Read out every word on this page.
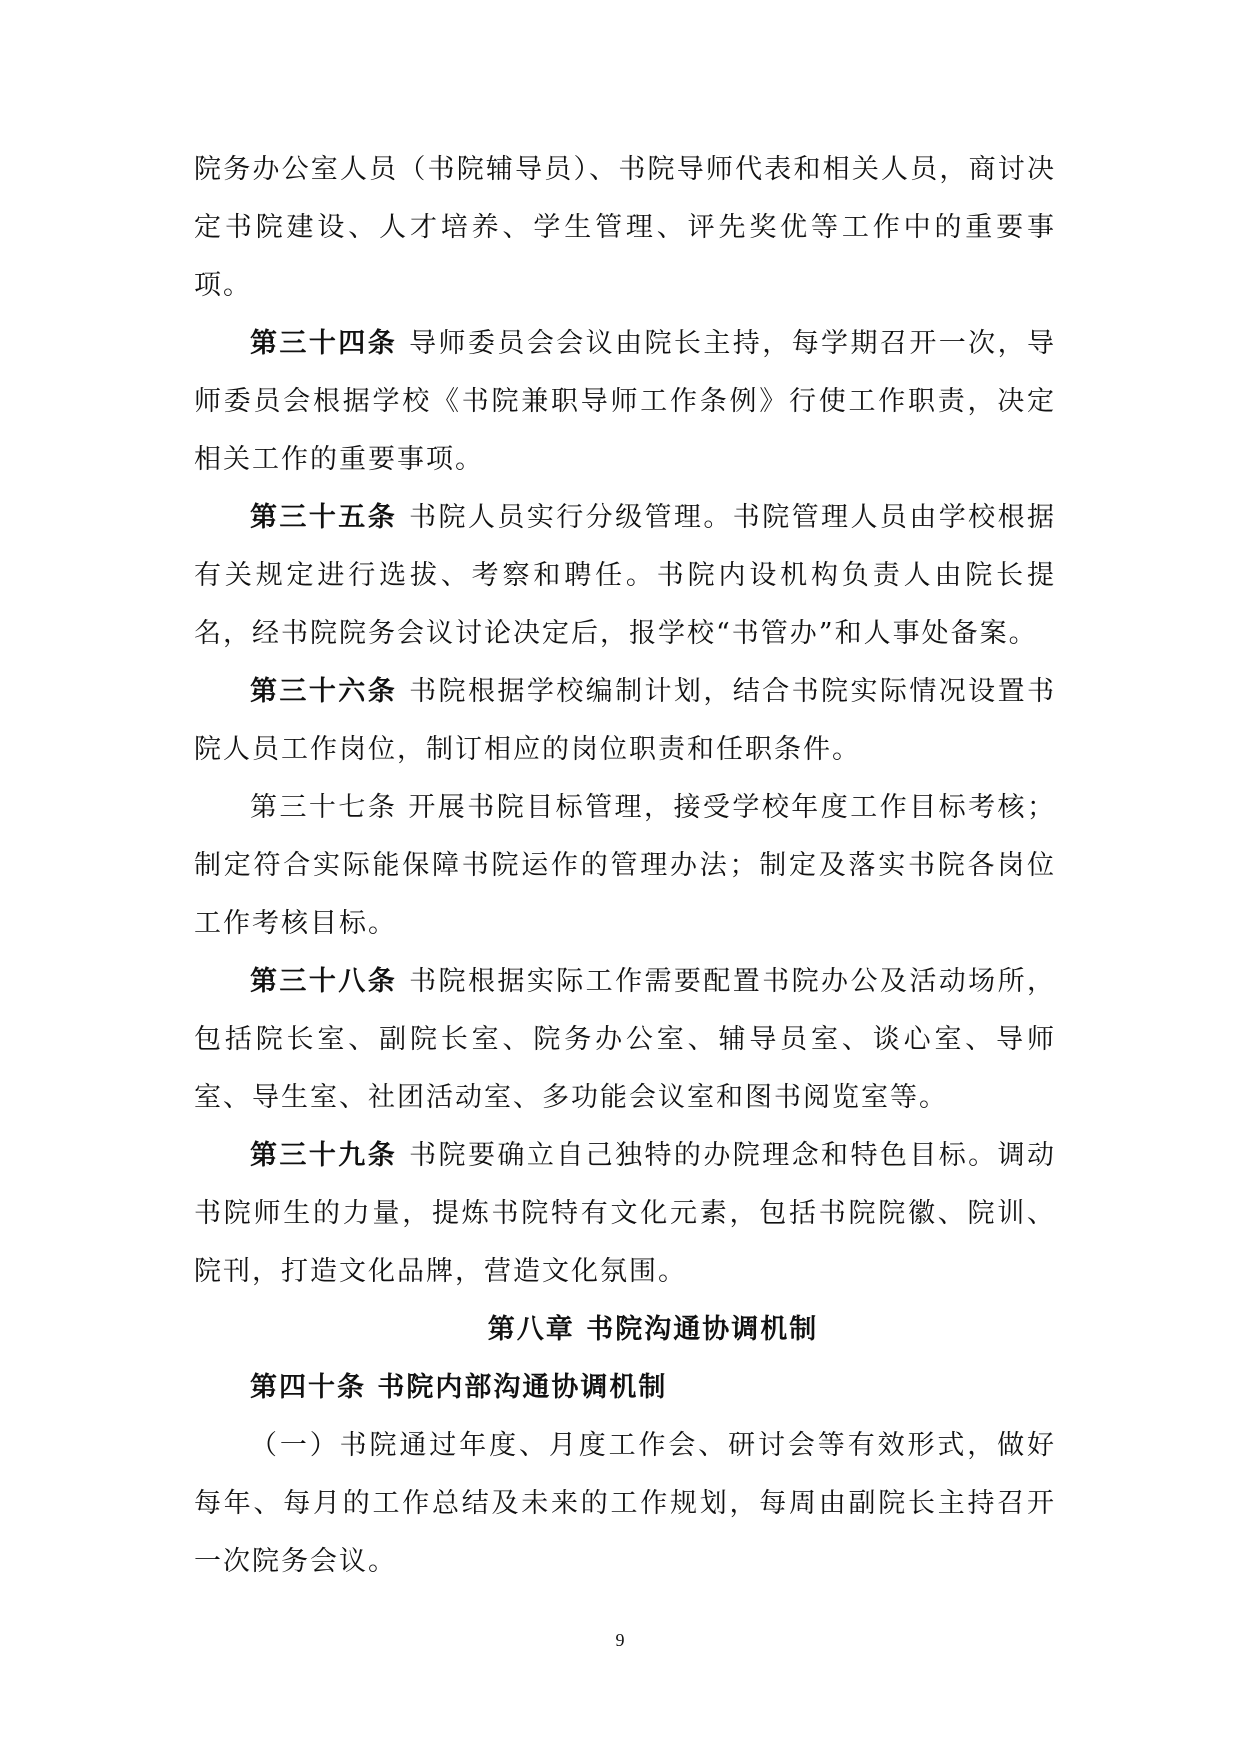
院务办公室人员（书院辅导员）、书院导师代表和相关人员，商讨决定书院建设、人才培养、学生管理、评先奖优等工作中的重要事项。

第三十四条 导师委员会会议由院长主持，每学期召开一次，导师委员会根据学校《书院兼职导师工作条例》行使工作职责，决定相关工作的重要事项。

第三十五条 书院人员实行分级管理。书院管理人员由学校根据有关规定进行选拔、考察和聘任。书院内设机构负责人由院长提名，经书院院务会议讨论决定后，报学校“书管办”和人事处备案。

第三十六条 书院根据学校编制计划，结合书院实际情况设置书院人员工作岗位，制订相应的岗位职责和任职条件。

第三十七条 开展书院目标管理，接受学校年度工作目标考核；制定符合实际能保障书院运作的管理办法；制定及落实书院各岗位工作考核目标。

第三十八条 书院根据实际工作需要配置书院办公及活动场所，包括院长室、副院长室、院务办公室、辅导员室、谈心室、导师室、导生室、社团活动室、多功能会议室和图书阅览室等。

第三十九条 书院要确立自己独特的办院理念和特色目标。调动书院师生的力量，提炼书院特有文化元素，包括书院院徽、院训、院刊，打造文化品牌，营造文化氛围。

第八章 书院沟通协调机制

第四十条 书院内部沟通协调机制

（一）书院通过年度、月度工作会、研讨会等有效形式，做好每年、每月的工作总结及未来的工作规划，每周由副院长主持召开一次院务会议。

9
